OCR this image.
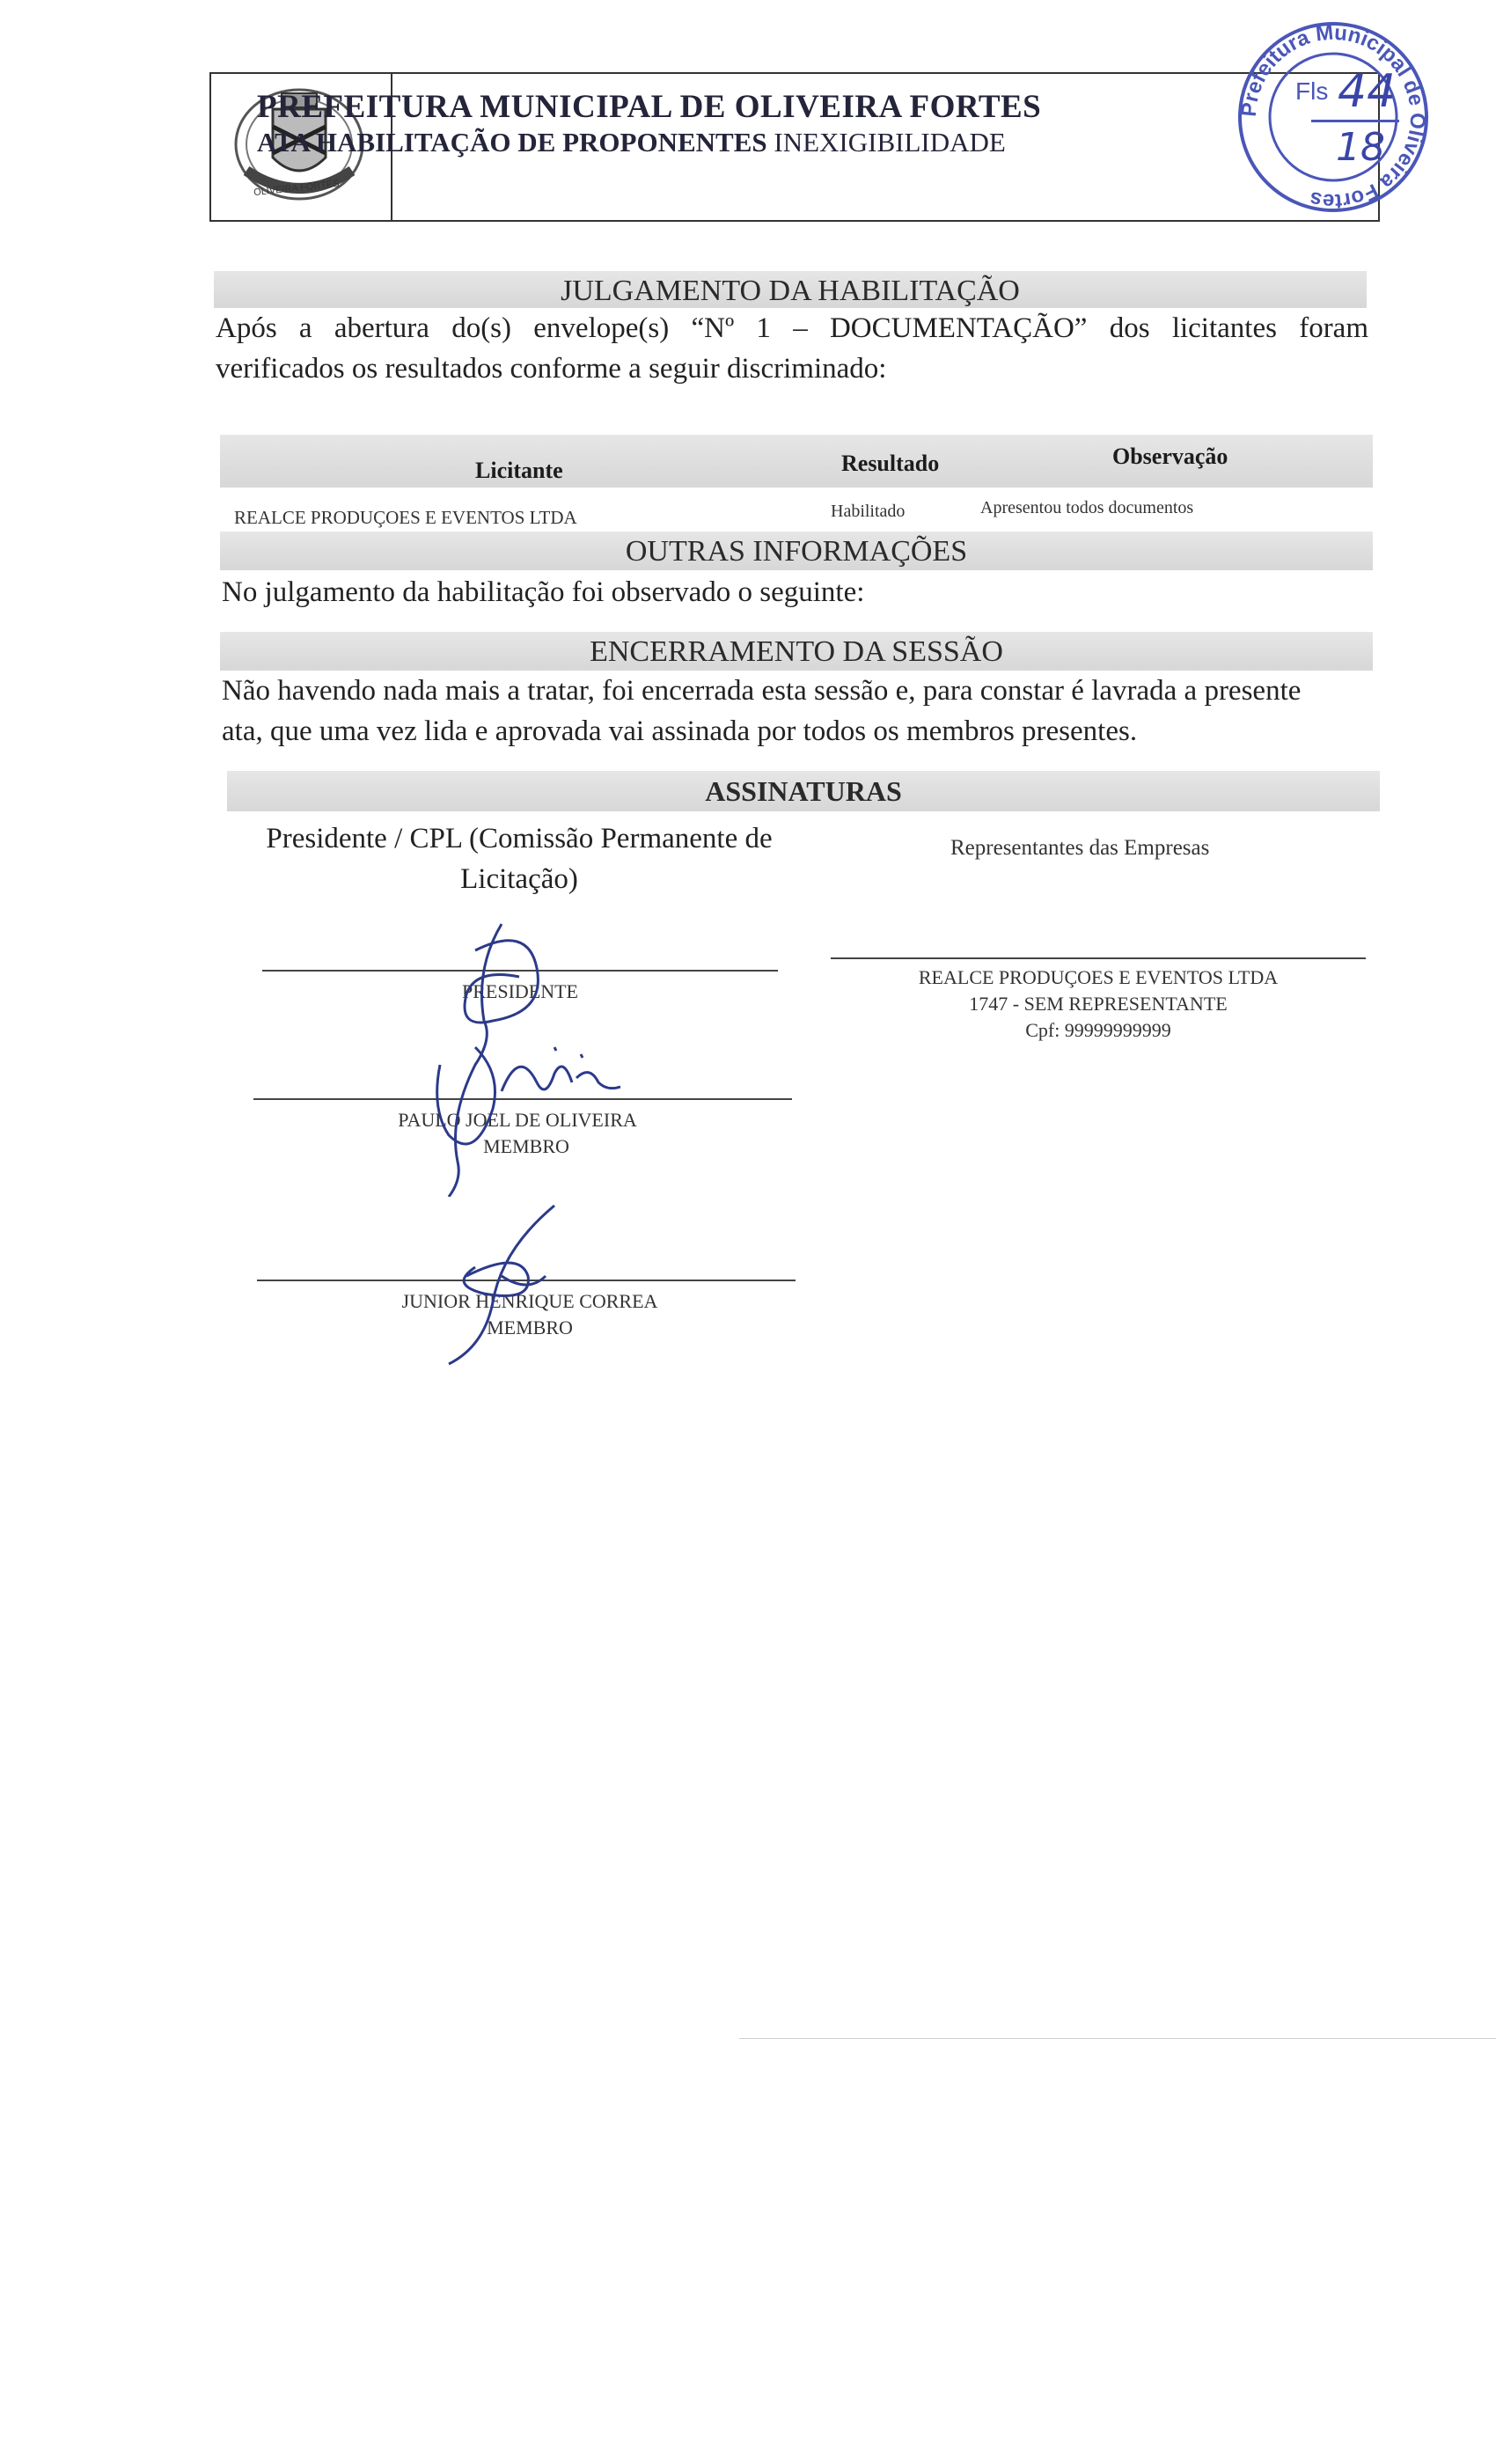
OLIVEIRA FORTES
PREFEITURA MUNICIPAL DE OLIVEIRA FORTES
ATA HABILITAÇÃO DE PROPONENTES INEXIGIBILIDADE
Prefeitura Municipal de Oliveira Fortes
Fls 44
18
JULGAMENTO DA HABILITAÇÃO
Após a abertura do(s) envelope(s) “Nº 1 – DOCUMENTAÇÃO” dos licitantes foram
verificados os resultados conforme a seguir discriminado:
Licitante	Resultado	Observação
REALCE PRODUÇOES E EVENTOS LTDA	Habilitado	Apresentou todos documentos
OUTRAS INFORMAÇÕES
No julgamento da habilitação foi observado o seguinte:
ENCERRAMENTO DA SESSÃO
Não havendo nada mais a tratar, foi encerrada esta sessão e, para constar é lavrada a presente
ata, que uma vez lida e aprovada vai assinada por todos os membros presentes.
ASSINATURAS
Presidente / CPL (Comissão Permanente de
Licitação)
Representantes das Empresas
PRESIDENTE
PAULO JOEL DE OLIVEIRA
MEMBRO
JUNIOR HENRIQUE CORREA
MEMBRO
REALCE PRODUÇOES E EVENTOS LTDA
1747 - SEM REPRESENTANTE
Cpf: 99999999999
